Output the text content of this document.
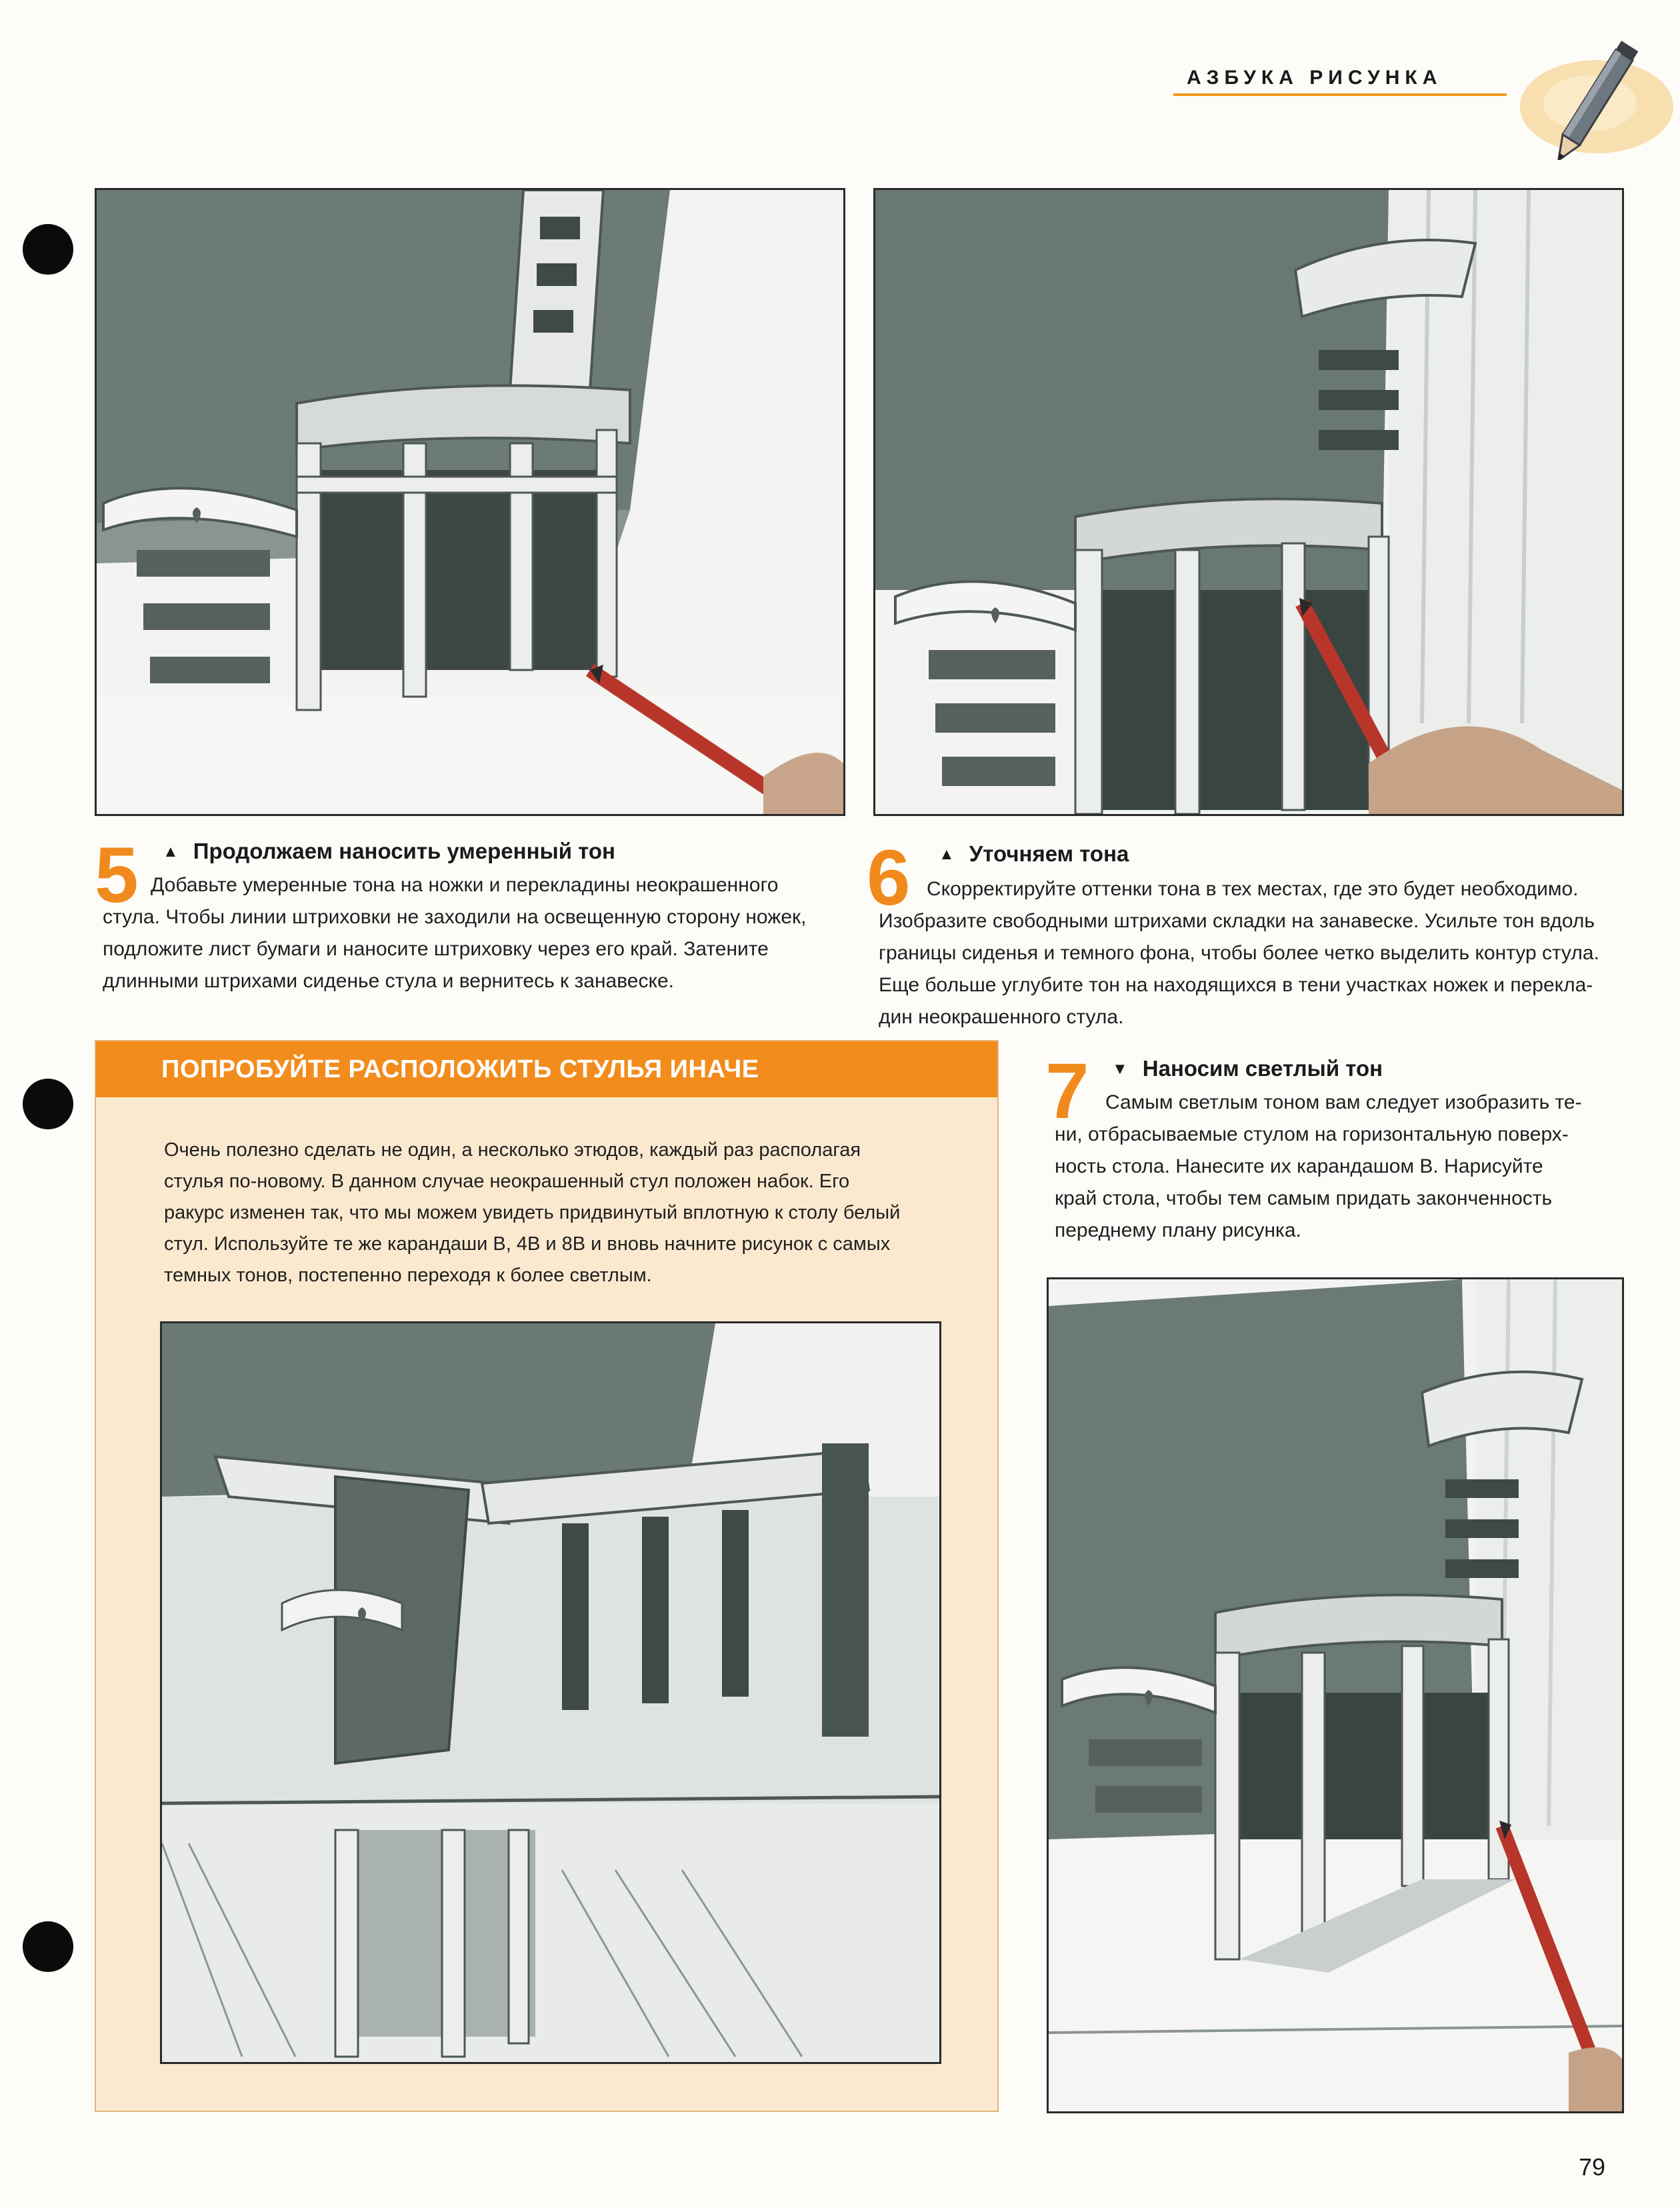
АЗБУКА РИСУНКА
5 ▲ Продолжаем наносить умеренный тон
Добавьте умеренные тона на ножки и перекладины неокрашенного
стула. Чтобы линии штриховки не заходили на освещенную сторону ножек,
подложите лист бумаги и наносите штриховку через его край. Затените
длинными штрихами сиденье стула и вернитесь к занавеске.
6 ▲ Уточняем тона
Скорректируйте оттенки тона в тех местах, где это будет необходимо.
Изобразите свободными штрихами складки на занавеске. Усильте тон вдоль
границы сиденья и темного фона, чтобы более четко выделить контур стула.
Еще больше углубите тон на находящихся в тени участках ножек и перекла-
дин неокрашенного стула.
ПОПРОБУЙТЕ РАСПОЛОЖИТЬ СТУЛЬЯ ИНАЧЕ
Очень полезно сделать не один, а несколько этюдов, каждый раз располагая
стулья по-новому. В данном случае неокрашенный стул положен набок. Его
ракурс изменен так, что мы можем увидеть придвинутый вплотную к столу белый
стул. Используйте те же карандаши В, 4В и 8В и вновь начните рисунок с самых
темных тонов, постепенно переходя к более светлым.
7 ▼ Наносим светлый тон
Самым светлым тоном вам следует изобразить те-
ни, отбрасываемые стулом на горизонтальную поверх-
ность стола. Нанесите их карандашом В. Нарисуйте
край стола, чтобы тем самым придать законченность
переднему плану рисунка.
79
